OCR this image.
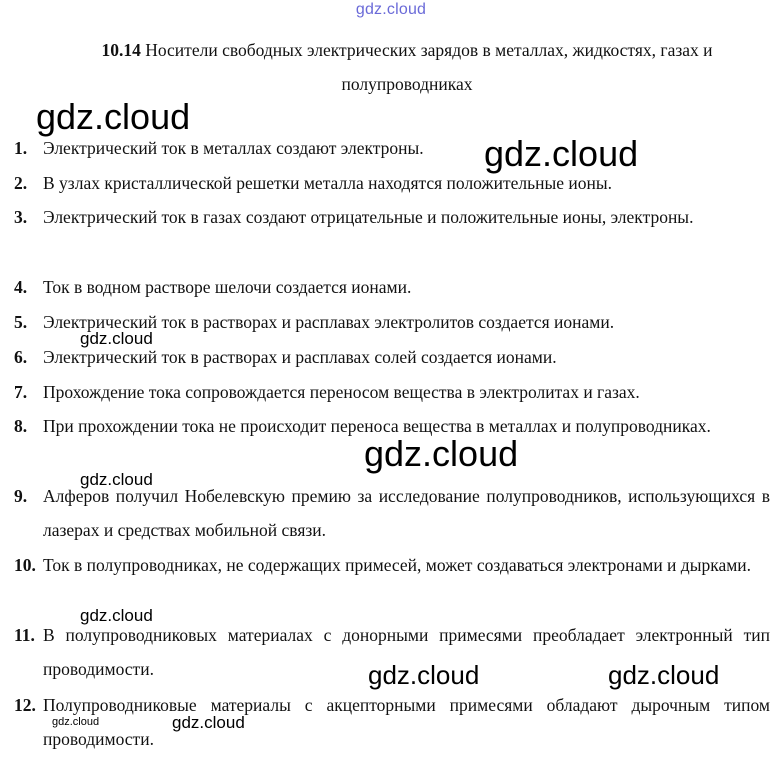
gdz.cloud
10.14 Носители свободных электрических зарядов в металлах, жидкостях, газах и полупроводниках
1. Электрический ток в металлах создают электроны.
2. В узлах кристаллической решетки металла находятся положительные ионы.
3. Электрический ток в газах создают отрицательные и положительные ионы, электроны.
4. Ток в водном растворе шелочи создается ионами.
5. Электрический ток в растворах и расплавах электролитов создается ионами.
6. Электрический ток в растворах и расплавах солей создается ионами.
7. Прохождение тока сопровождается переносом вещества в электролитах и газах.
8. При прохождении тока не происходит переноса вещества в металлах и полупроводниках.
9. Алферов получил Нобелевскую премию за исследование полупроводников, использующихся в лазерах и средствах мобильной связи.
10. Ток в полупроводниках, не содержащих примесей, может создаваться электронами и дырками.
11. В полупроводниковых материалах с донорными примесями преобладает электронный тип проводимости.
12. Полупроводниковые материалы с акцепторными примесями обладают дырочным типом проводимости.
gdz.cloud
gdz.cloud
gdz.cloud
gdz.cloud
gdz.cloud
gdz.cloud
gdz.cloud	gdz.cloud
gdz.cloud	gdz.cloud
